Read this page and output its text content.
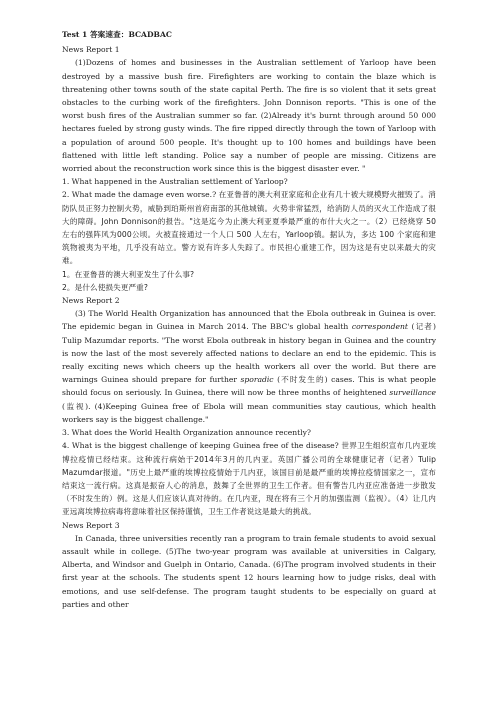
Test 1 答案速查：BCADBAC

News Report 1

(1)Dozens of homes and businesses in the Australian settlement of Yarloop have been destroyed by a massive bush fire. Firefighters are working to contain the blaze which is threatening other towns south of the state capital Perth. The fire is so violent that it sets great obstacles to the curbing work of the firefighters. John Donnison reports. "This is one of the worst bush fires of the Australian summer so far. (2)Already it's burnt through around 50 000 hectares fueled by strong gusty winds. The fire ripped directly through the town of Yarloop with a population of around 500 people. It's thought up to 100 homes and buildings have been flattened with little left standing. Police say a number of people are missing. Citizens are worried about the reconstruction work since this is the biggest disaster ever. "

1. What happened in the Australian settlement of Yarloop?

2. What made the damage even worse.? 在亚鲁普的澳大利亚家庭和企业有几十被大规模野火摧毁了。消防队员正努力控制火势，威胁到珀斯州首府南部的其他城镇。火势非常猛烈，给消防人员的灭火工作造成了很大的障碍。John Donnison的报告。"这是迄今为止澳大利亚夏季最严重的布什大火之一。（2）已经烧穿 50 左右的强阵风为000公顷。火被直接通过一个人口 500 人左右，Yarloop镇。据认为，多达 100 个家庭和建筑物被夷为平地，几乎没有站立。警方说有许多人失踪了。市民担心重建工作，因为这是有史以来最大的灾难。

1。在亚鲁普的澳大利亚发生了什么事?

2。是什么使损失更严重?

News Report 2

(3) The World Health Organization has announced that the Ebola outbreak in Guinea is over. The epidemic began in Guinea in March 2014. The BBC's global health correspondent (记者) Tulip Mazumdar reports. "The worst Ebola outbreak in history began in Guinea and the country is now the last of the most severely affected nations to declare an end to the epidemic. This is really exciting news which cheers up the health workers all over the world. But there are warnings Guinea should prepare for further sporadic (不时发生的) cases. This is what people should focus on seriously. In Guinea, there will now be three months of heightened surveillance (监视). (4)Keeping Guinea free of Ebola will mean communities stay cautious, which health workers say is the biggest challenge."

3. What does the World Health Organization announce recently?

4. What is the biggest challenge of keeping Guinea free of the disease? 世界卫生组织宣布几内亚埃博拉疫情已经结束。这种流行病始于2014年3月的几内亚。英国广播公司的全球健康记者（记者）Tulip Mazumdar报道。"历史上最严重的埃博拉疫情始于几内亚，该国目前是最严重的埃博拉疫情国家之一，宣布结束这一流行病。这真是振奋人心的消息，鼓舞了全世界的卫生工作者。但有警告几内亚应准备进一步散发（不时发生的）例。这是人们应该认真对待的。在几内亚，现在将有三个月的加强监测（监视）。（4）让几内亚远离埃博拉病毒将意味着社区保持谨慎，卫生工作者说这是最大的挑战。

News Report 3

In Canada, three universities recently ran a program to train female students to avoid sexual assault while in college. (5)The two-year program was available at universities in Calgary, Alberta, and Windsor and Guelph in Ontario, Canada. (6)The program involved students in their first year at the schools. The students spent 12 hours learning how to judge risks, deal with emotions, and use self-defense. The program taught students to be especially on guard at parties and other
